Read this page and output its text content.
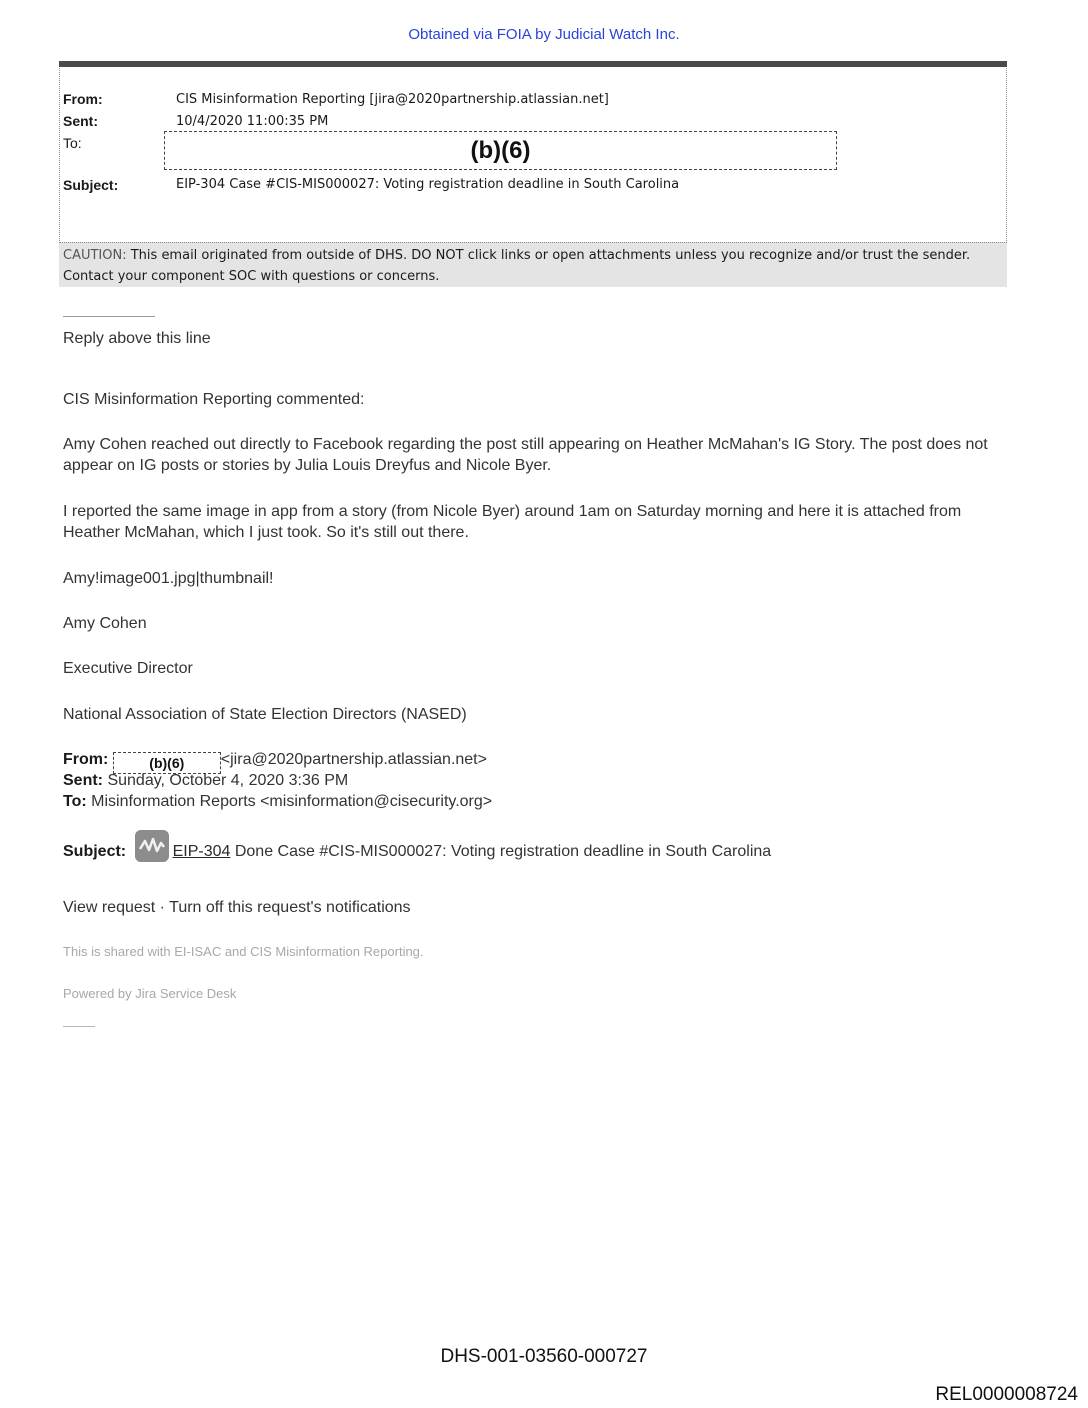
Obtained via FOIA by Judicial Watch Inc.
From:	CIS Misinformation Reporting [jira@2020partnership.atlassian.net]
Sent:	10/4/2020 11:00:35 PM
To:	(b)(6)
Subject:	EIP-304 Case #CIS-MIS000027: Voting registration deadline in South Carolina
CAUTION: This email originated from outside of DHS. DO NOT click links or open attachments unless you recognize and/or trust the sender. Contact your component SOC with questions or concerns.
Reply above this line
CIS Misinformation Reporting commented:
Amy Cohen reached out directly to Facebook regarding the post still appearing on Heather McMahan's IG Story. The post does not appear on IG posts or stories by Julia Louis Dreyfus and Nicole Byer.
I reported the same image in app from a story (from Nicole Byer) around 1am on Saturday morning and here it is attached from Heather McMahan, which I just took. So it's still out there.
Amy!image001.jpg|thumbnail!
Amy Cohen
Executive Director
National Association of State Election Directors (NASED)
From:	(b)(6) <jira@2020partnership.atlassian.net>
Sent: Sunday, October 4, 2020 3:36 PM
To: Misinformation Reports <misinformation@cisecurity.org>
Subject:	EIP-304 Done Case #CIS-MIS000027: Voting registration deadline in South Carolina
View request · Turn off this request's notifications
This is shared with EI-ISAC and CIS Misinformation Reporting.
Powered by Jira Service Desk
DHS-001-03560-000727
REL0000008724
